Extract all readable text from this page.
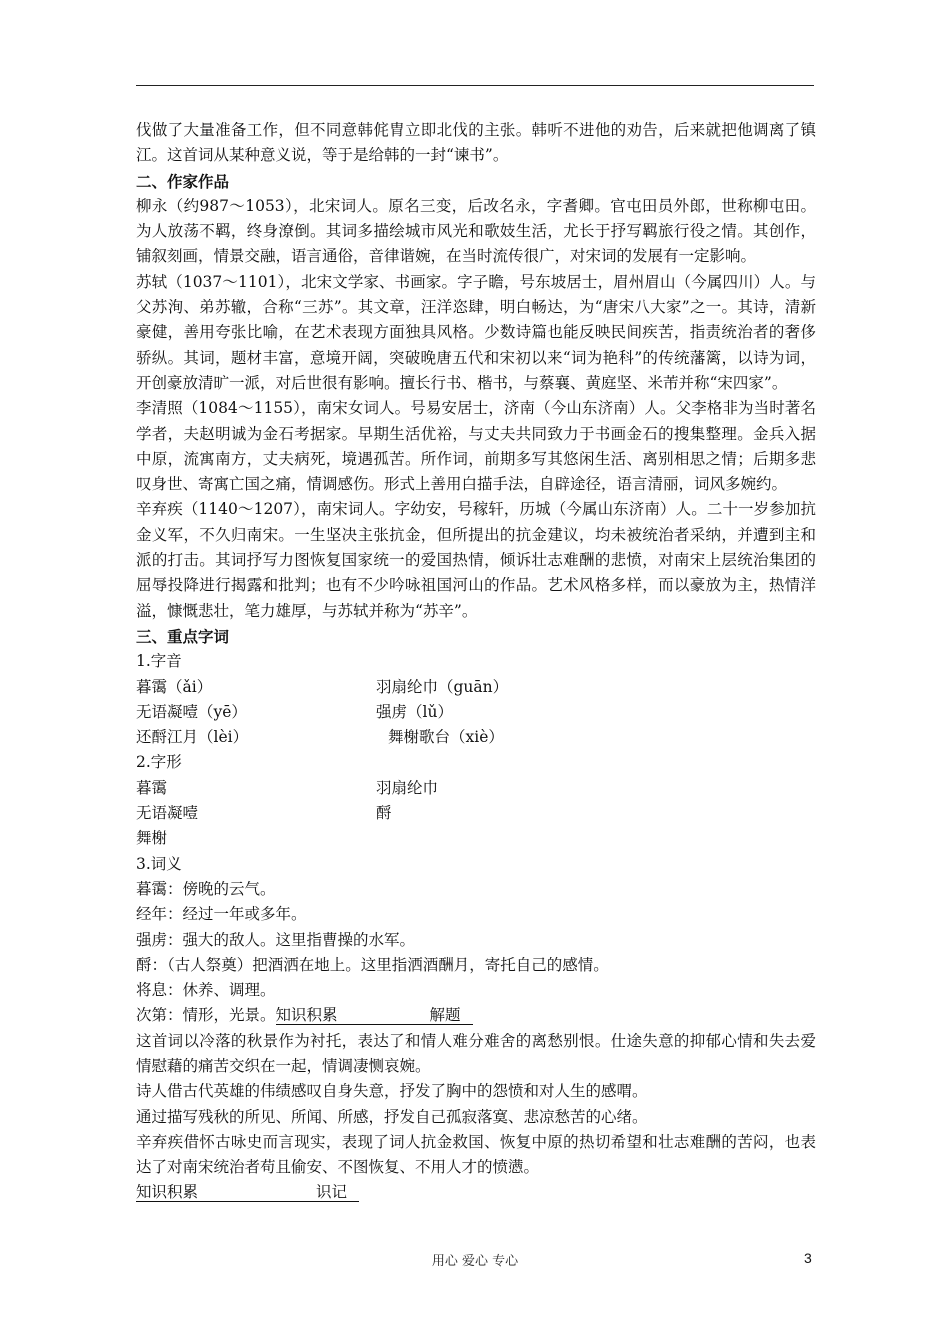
伐做了大量准备工作，但不同意韩侂胄立即北伐的主张。韩听不进他的劝告，后来就把他调离了镇江。这首词从某种意义说，等于是给韩的一封“谏书”。

二、作家作品

柳永（约987～1053），北宋词人。原名三变，后改名永，字耆卿。官屯田员外郎，世称柳屯田。为人放荡不羁，终身潦倒。其词多描绘城市风光和歌妓生活，尤长于抒写羁旅行役之情。其创作，铺叙刻画，情景交融，语言通俗，音律谐婉，在当时流传很广，对宋词的发展有一定影响。

苏轼（1037～1101），北宋文学家、书画家。字子瞻，号东坡居士，眉州眉山（今属四川）人。与父苏洵、弟苏辙，合称“三苏”。其文章，汪洋恣肆，明白畅达，为“唐宋八大家”之一。其诗，清新豪健，善用夸张比喻，在艺术表现方面独具风格。少数诗篇也能反映民间疾苦，指责统治者的奢侈骄纵。其词，题材丰富，意境开阔，突破晚唐五代和宋初以来“词为艳科”的传统藩篱，以诗为词，开创豪放清旷一派，对后世很有影响。擅长行书、楷书，与蔡襄、黄庭坚、米芾并称“宋四家”。

李清照（1084～1155），南宋女词人。号易安居士，济南（今山东济南）人。父李格非为当时著名学者，夫赵明诚为金石考据家。早期生活优裕，与丈夫共同致力于书画金石的搜集整理。金兵入据中原，流寓南方，丈夫病死，境遇孤苦。所作词，前期多写其悠闲生活、离别相思之情；后期多悲叹身世、寄寓亡国之痛，情调感伤。形式上善用白描手法，自辟途径，语言清丽，词风多婉约。

辛弃疾（1140～1207），南宋词人。字幼安，号稼轩，历城（今属山东济南）人。二十一岁参加抗金义军，不久归南宋。一生坚决主张抗金，但所提出的抗金建议，均未被统治者采纳，并遭到主和派的打击。其词抒写力图恢复国家统一的爱国热情，倾诉壮志难酬的悲愤，对南宋上层统治集团的屈辱投降进行揭露和批判；也有不少吟咏祖国河山的作品。艺术风格多样，而以豪放为主，热情洋溢，慷慨悲壮，笔力雄厚，与苏轼并称为“苏辛”。

三、重点字词

1.字音

暮霭（ǎi）	羽扇纶巾（guān）
无语凝噎（yē）	强虏（lǔ）
还酹江月（lèi）	舞榭歌台（xiè）

2.字形

暮霭	羽扇纶巾
无语凝噎	酹
舞榭

3.词义

暮霭：傍晚的云气。

经年：经过一年或多年。

强虏：强大的敌人。这里指曹操的水军。

酹：（古人祭奠）把酒洒在地上。这里指洒酒酬月，寄托自己的感情。

将息：休养、调理。

次第：情形，光景。知识积累	解题

这首词以冷落的秋景作为衬托，表达了和情人难分难舍的离愁别恨。仕途失意的抑郁心情和失去爱情慰藉的痛苦交织在一起，情调凄恻哀婉。

诗人借古代英雄的伟绩感叹自身失意，抒发了胸中的怨愤和对人生的感喟。

通过描写残秋的所见、所闻、所感，抒发自己孤寂落寞、悲凉愁苦的心绪。

辛弃疾借怀古咏史而言现实，表现了词人抗金救国、恢复中原的热切希望和壮志难酬的苦闷，也表达了对南宋统治者苟且偷安、不图恢复、不用人才的愤懑。

知识积累	识记

用心 爱心 专心	3
